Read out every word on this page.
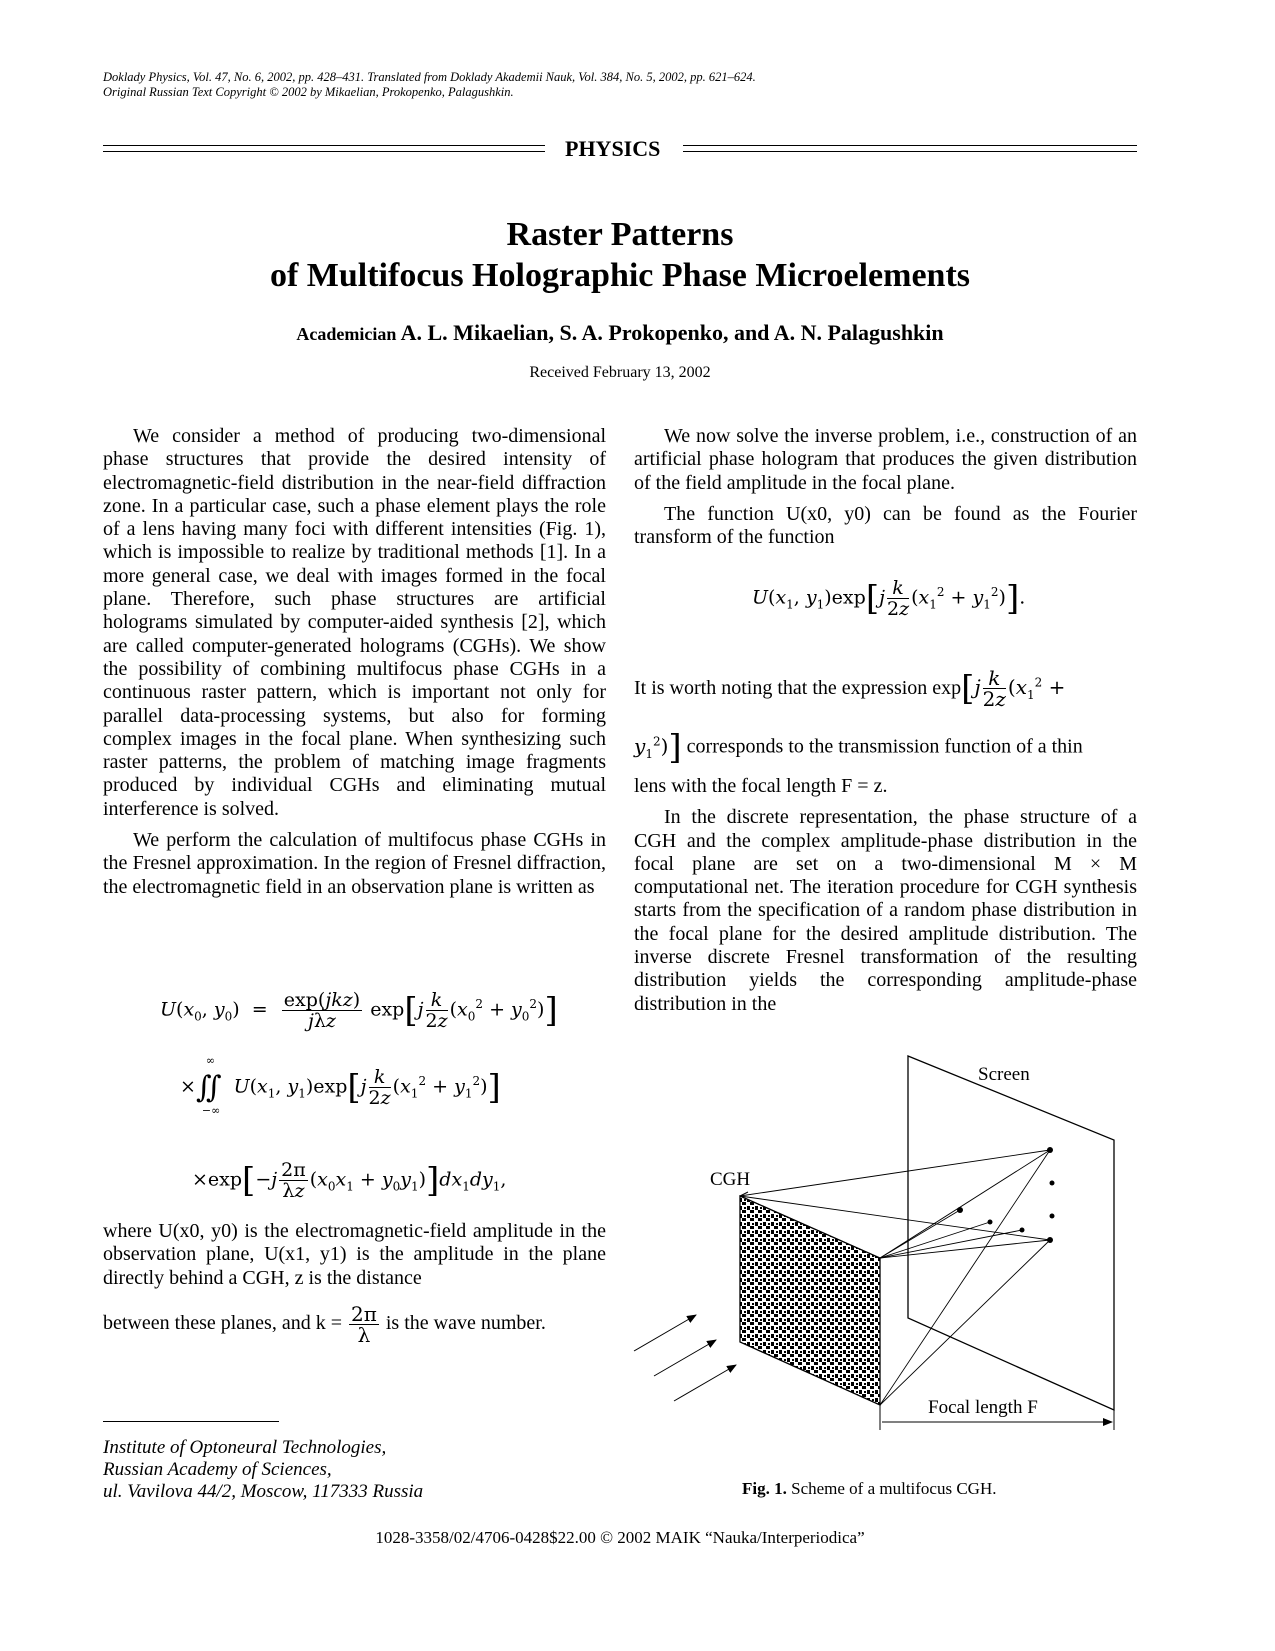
Doklady Physics, Vol. 47, No. 6, 2002, pp. 428–431. Translated from Doklady Akademii Nauk, Vol. 384, No. 5, 2002, pp. 621–624.
Original Russian Text Copyright © 2002 by Mikaelian, Prokopenko, Palagushkin.
PHYSICS
Raster Patterns
of Multifocus Holographic Phase Microelements
Academician A. L. Mikaelian, S. A. Prokopenko, and A. N. Palagushkin
Received February 13, 2002

We consider a method of producing two-dimensional phase structures that provide the desired intensity of electromagnetic-field distribution in the near-field diffraction zone. In a particular case, such a phase element plays the role of a lens having many foci with different intensities (Fig. 1), which is impossible to realize by traditional methods [1]. In a more general case, we deal with images formed in the focal plane. Therefore, such phase structures are artificial holograms simulated by computer-aided synthesis [2], which are called computer-generated holograms (CGHs). We show the possibility of combining multifocus phase CGHs in a continuous raster pattern, which is important not only for parallel data-processing systems, but also for forming complex images in the focal plane. When synthesizing such raster patterns, the problem of matching image fragments produced by individual CGHs and eliminating mutual interference is solved.

We perform the calculation of multifocus phase CGHs in the Fresnel approximation. In the region of Fresnel diffraction, the electromagnetic field in an observation plane is written as

$U(x_0$, $y_0) = \frac{\text{exp(jkz)}}{\text{jλz}} \exp[j \frac{k}{2z} (x_0^2 + y_0^2)]$
×
∞
∬
−∞
$U(x_1$, $y_1)\exp[j \frac{k}{2z} (x_1^2 + y_1^2)]$
$\times\exp[-j \frac{2\pi}{\lambda z} (x_0x_1 + y_0y_1)]dx_1dy_1$,

where U(x0, y0) is the electromagnetic-field amplitude in the observation plane, U(x1, y1) is the amplitude in the plane directly behind a CGH, z is the distance

between these planes, and $k = \frac{2\pi}{\lambda}$ is the wave number.

Institute of Optoneural Technologies,
Russian Academy of Sciences,
ul. Vavilova 44/2, Moscow, 117333 Russia

We now solve the inverse problem, i.e., construction of an artificial phase hologram that produces the given distribution of the field amplitude in the focal plane.

The function U(x0, y0) can be found as the Fourier transform of the function

$U(x_1$, $y_1)\exp[j \frac{k}{2z} (x_1^2 + y_1^2)]$.

It is worth noting that the expression $\exp[j \frac{k}{2z} (x_1^2$ +

$y_1^2$)] corresponds to the transmission function of a thin

lens with the focal length F = z.

In the discrete representation, the phase structure of a CGH and the complex amplitude-phase distribution in the focal plane are set on a two-dimensional M × M computational net. The iteration procedure for CGH synthesis starts from the specification of a random phase distribution in the focal plane for the desired amplitude distribution. The inverse discrete Fresnel transformation of the resulting distribution yields the corresponding amplitude-phase distribution in the

Screen
CGH
Focal length F
Fig. 1. Scheme of a multifocus CGH.
1028-3358/02/4706-0428$22.00 © 2002 MAIK “Nauka/Interperiodica”
